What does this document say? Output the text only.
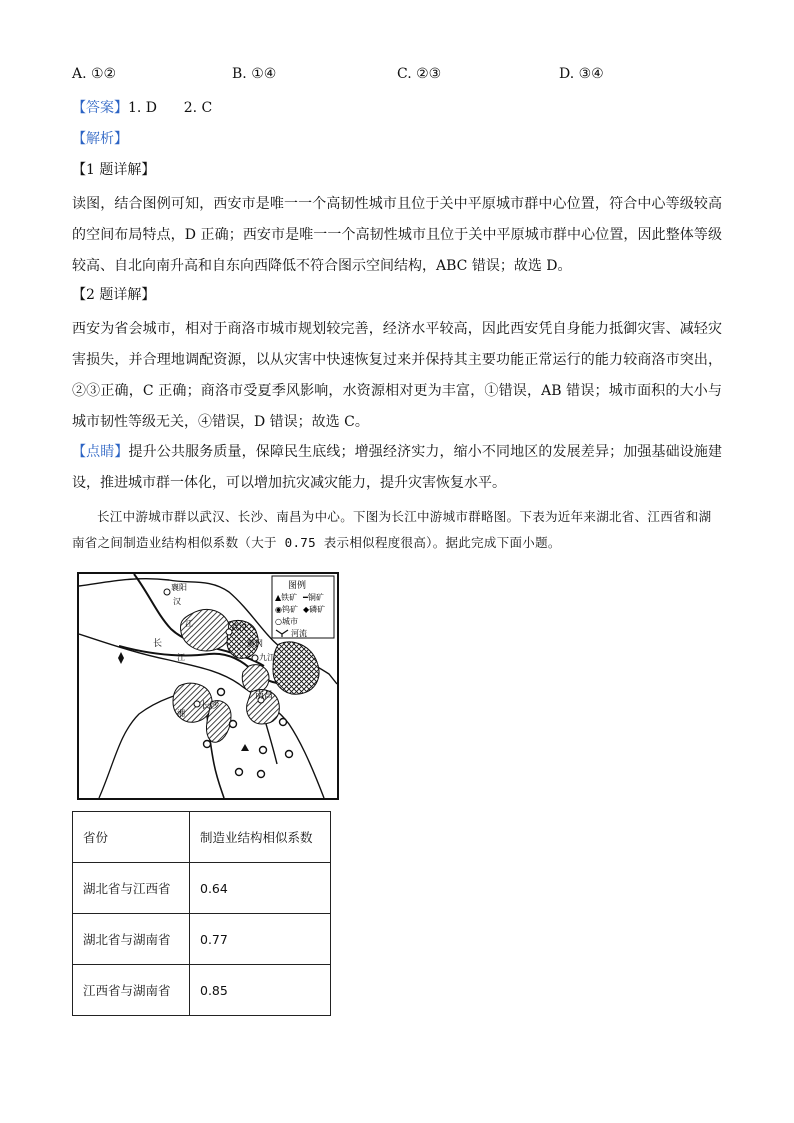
A. ①②	B. ①④	C. ②③	D. ③④
【答案】1. D      2. C
【解析】
【1 题详解】
读图，结合图例可知，西安市是唯一一个高韧性城市且位于关中平原城市群中心位置，符合中心等级较高的空间布局特点，D 正确；西安市是唯一一个高韧性城市且位于关中平原城市群中心位置，因此整体等级较高、自北向南升高和自东向西降低不符合图示空间结构，ABC 错误；故选 D。
【2 题详解】
西安为省会城市，相对于商洛市城市规划较完善，经济水平较高，因此西安凭自身能力抵御灾害、减轻灾害损失，并合理地调配资源，以从灾害中快速恢复过来并保持其主要功能正常运行的能力较商洛市突出，②③正确，C 正确；商洛市受夏季风影响，水资源相对更为丰富，①错误，AB 错误；城市面积的大小与城市韧性等级无关，④错误，D 错误；故选 C。
【点睛】提升公共服务质量，保障民生底线；增强经济实力，缩小不同地区的发展差异；加强基础设施建设，推进城市群一体化，可以增加抗灾减灾能力，提升灾害恢复水平。
长江中游城市群以武汉、长沙、南昌为中心。下图为长江中游城市群略图。下表为近年来湖北省、江西省和湖南省之间制造业结构相似系数（大于 0.75 表示相似程度很高）。据此完成下面小题。
图例
▲铁矿 ━铜矿
◉钨矿 ◆磷矿
○城市
河流
襄阳
汉
江
长
武汉
江
黄冈
九江
南昌
长沙
湘
省份	制造业结构相似系数
湖北省与江西省	0.64
湖北省与湖南省	0.77
江西省与湖南省	0.85
